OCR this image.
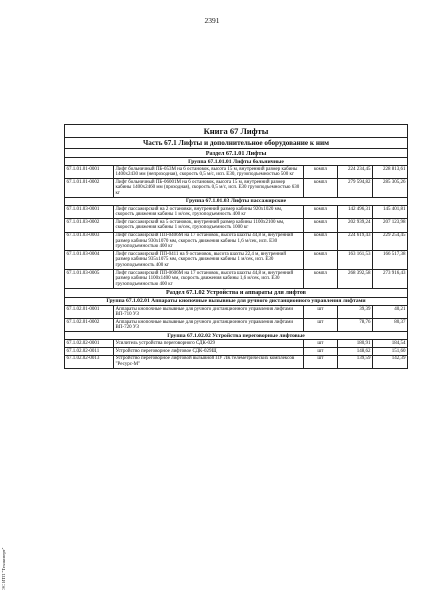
2391
ЭС ИТП "Техэксперт"
Книга 67 Лифты				
Часть 67.1 Лифты и дополнительное оборудование к ним				
Раздел 67.1.01 Лифты				
Группа 67.1.01.01 Лифты больничные				
67.1.01.01-0001	Лифт больничный ПБ-053М на 6 остановок, высота 15 м, внутренний размер кабины 1400х2430 мм (непроходная), скорость 0,5 м/с, исп. Е30, грузоподъемностью 500 кг	компл	224 234,45	228 813,61
67.1.01.01-0002	Лифт больничный ПБ-06001М на 6 остановок, высота 15 м, внутренний размер кабины 1400х2460 мм (проходная), скорость 0,5 м/с, исп. Е30 грузоподъемностью 630 кг	компл	279 594,82	285 305,26
Группа 67.1.01.03 Лифты пассажирские				
67.1.01.03-0001	Лифт пассажирский на 2 остановки, внутренний размер кабины 920х1020 мм, скорость движения кабины 1 м/сек, грузоподъемность 400 кг	компл	142 496,31	145 401,81
67.1.01.03-0002	Лифт пассажирский на 5 остановок, внутренний размер кабины 1100х2100 мм, скорость движения кабины 1 м/сек, грузоподъемность 1000 кг	компл	202 939,24	207 123,98
67.1.01.03-0003	Лифт пассажирский ПП-0406М на 17 остановок, высота шахты 44,8 м, внутренний размер кабины 930х1070 мм, скорость движения кабины 1,6 м/сек, исп. Е30 грузоподъемностью 400 кг	компл	224 619,43	229 254,45
67.1.01.03-0004	Лифт пассажирский ПП-0411 на 9 остановок, высота шахты 22,4 м, внутренний размер кабины 935х1075 мм, скорость движения кабины 1 м/сек, исп. Е30 грузоподъемность 400 кг	компл	163 161,53	166 517,38
67.1.01.03-0005	Лифт пассажирский ПП-0606М на 17 остановок, высота шахты 44,8 м, внутренний размер кабины 1100х1400 мм, скорость движения кабины 1,6 м/сек, исп. Е30 грузоподъемностью 400 кг	компл	268 392,58	273 916,43
Раздел 67.1.02 Устройства и аппараты для лифтов				
Группа 67.1.02.01 Аппараты кнопочные вызывные для ручного дистанционного управления лифтами				
67.1.02.01-0001	Аппараты кнопочные вызывные для ручного дистанционного управления лифтами ВП-710 УЗ	шт	39,39	40,21
67.1.02.01-0002	Аппараты кнопочные вызывные для ручного дистанционного управления лифтами ВП-720 УЗ	шт	78,76	80,37
Группа 67.1.02.02 Устройства переговорные лифтовые				
67.1.02.02-0001	Усилитель устройства переговорного СДК-029	шт	180,91	184,54
67.1.02.02-0011	Устройство переговорное лифтовое СДК-029Щ	шт	148,62	151,60
67.1.02.02-0013	Устройство переговорное лифтовой вызывной ПУ ЛК телеметрических комплексов "Ресурс-М"	шт	139,59	142,39
